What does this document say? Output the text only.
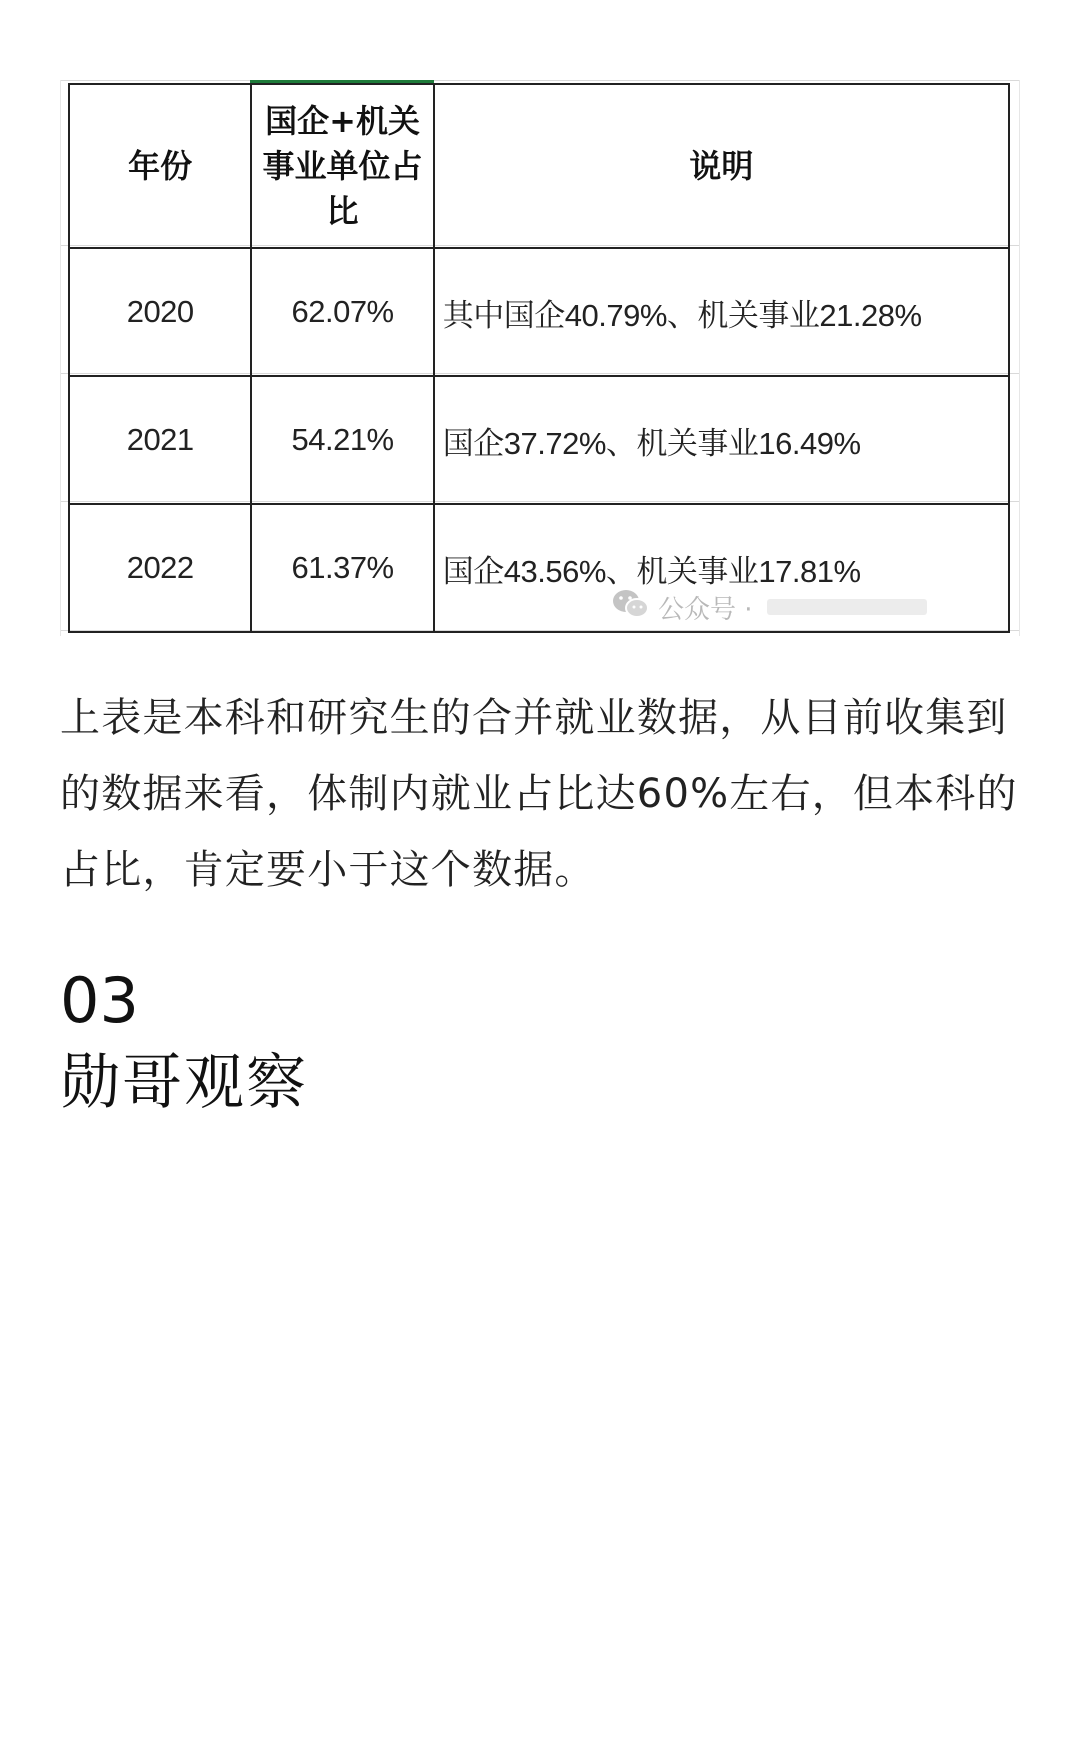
年份	国企+机关事业单位占比	说明
2020	62.07%	其中国企40.79%、机关事业21.28%
2021	54.21%	国企37.72%、机关事业16.49%
2022	61.37%	国企43.56%、机关事业17.81%
公众号 ·
上表是本科和研究生的合并就业数据，从目前收集到的数据来看，体制内就业占比达60%左右，但本科的占比，肯定要小于这个数据。
03
勋哥观察
